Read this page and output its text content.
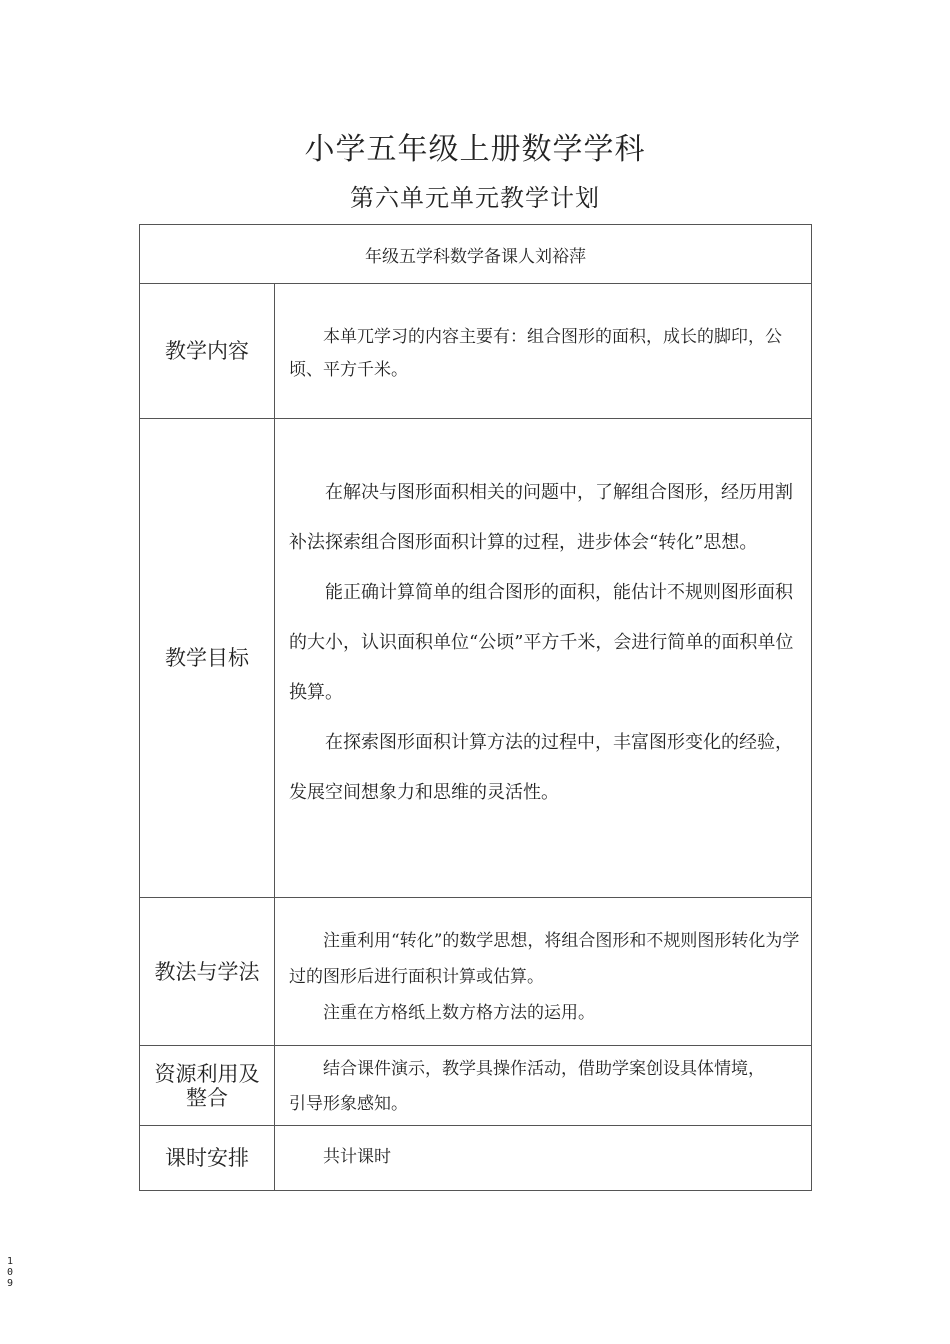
小学五年级上册数学学科
第六单元单元教学计划
年级五学科数学备课人刘裕萍
教学内容

本单兀学习的内容主要有：组合图形的面积，成长的脚印，公顷、平方千米。

教学目标

在解决与图形面积相关的问题中，了解组合图形，经历用割补法探索组合图形面积计算的过程，进步体会“转化”思想。

能正确计算简单的组合图形的面积，能估计不规则图形面积的大小，认识面积单位“公顷”平方千米，会进行简单的面积单位换算。

在探索图形面积计算方法的过程中，丰富图形变化的经验，发展空间想象力和思维的灵活性。

教法与学法

注重利用“转化”的数学思想，将组合图形和不规则图形转化为学过的图形后进行面积计算或估算。

注重在方格纸上数方格方法的运用。

资源利用及整合

结合课件演示，教学具操作活动，借助学案创设具体情境，引导形象感知。

课时安排	共计课时

1
0
9
